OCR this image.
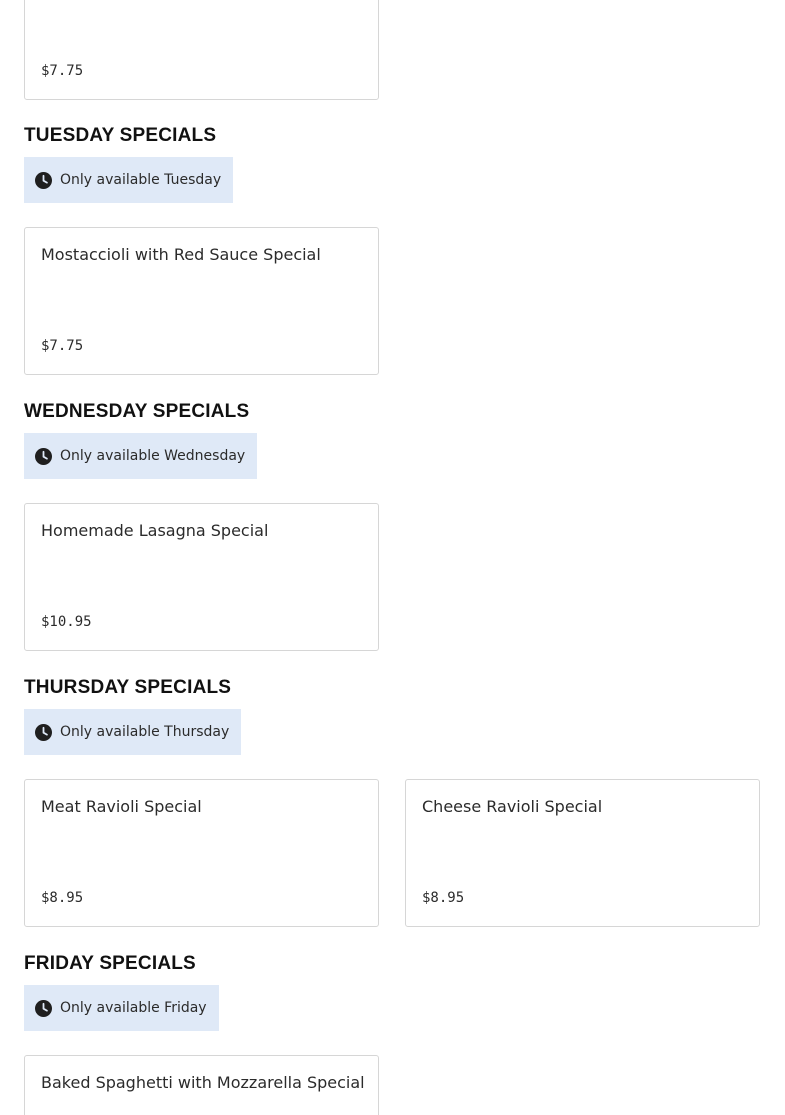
$7.75
TUESDAY SPECIALS
Only available Tuesday
Mostaccioli with Red Sauce Special
$7.75
WEDNESDAY SPECIALS
Only available Wednesday
Homemade Lasagna Special
$10.95
THURSDAY SPECIALS
Only available Thursday
Meat Ravioli Special
$8.95
Cheese Ravioli Special
$8.95
FRIDAY SPECIALS
Only available Friday
Baked Spaghetti with Mozzarella Special
